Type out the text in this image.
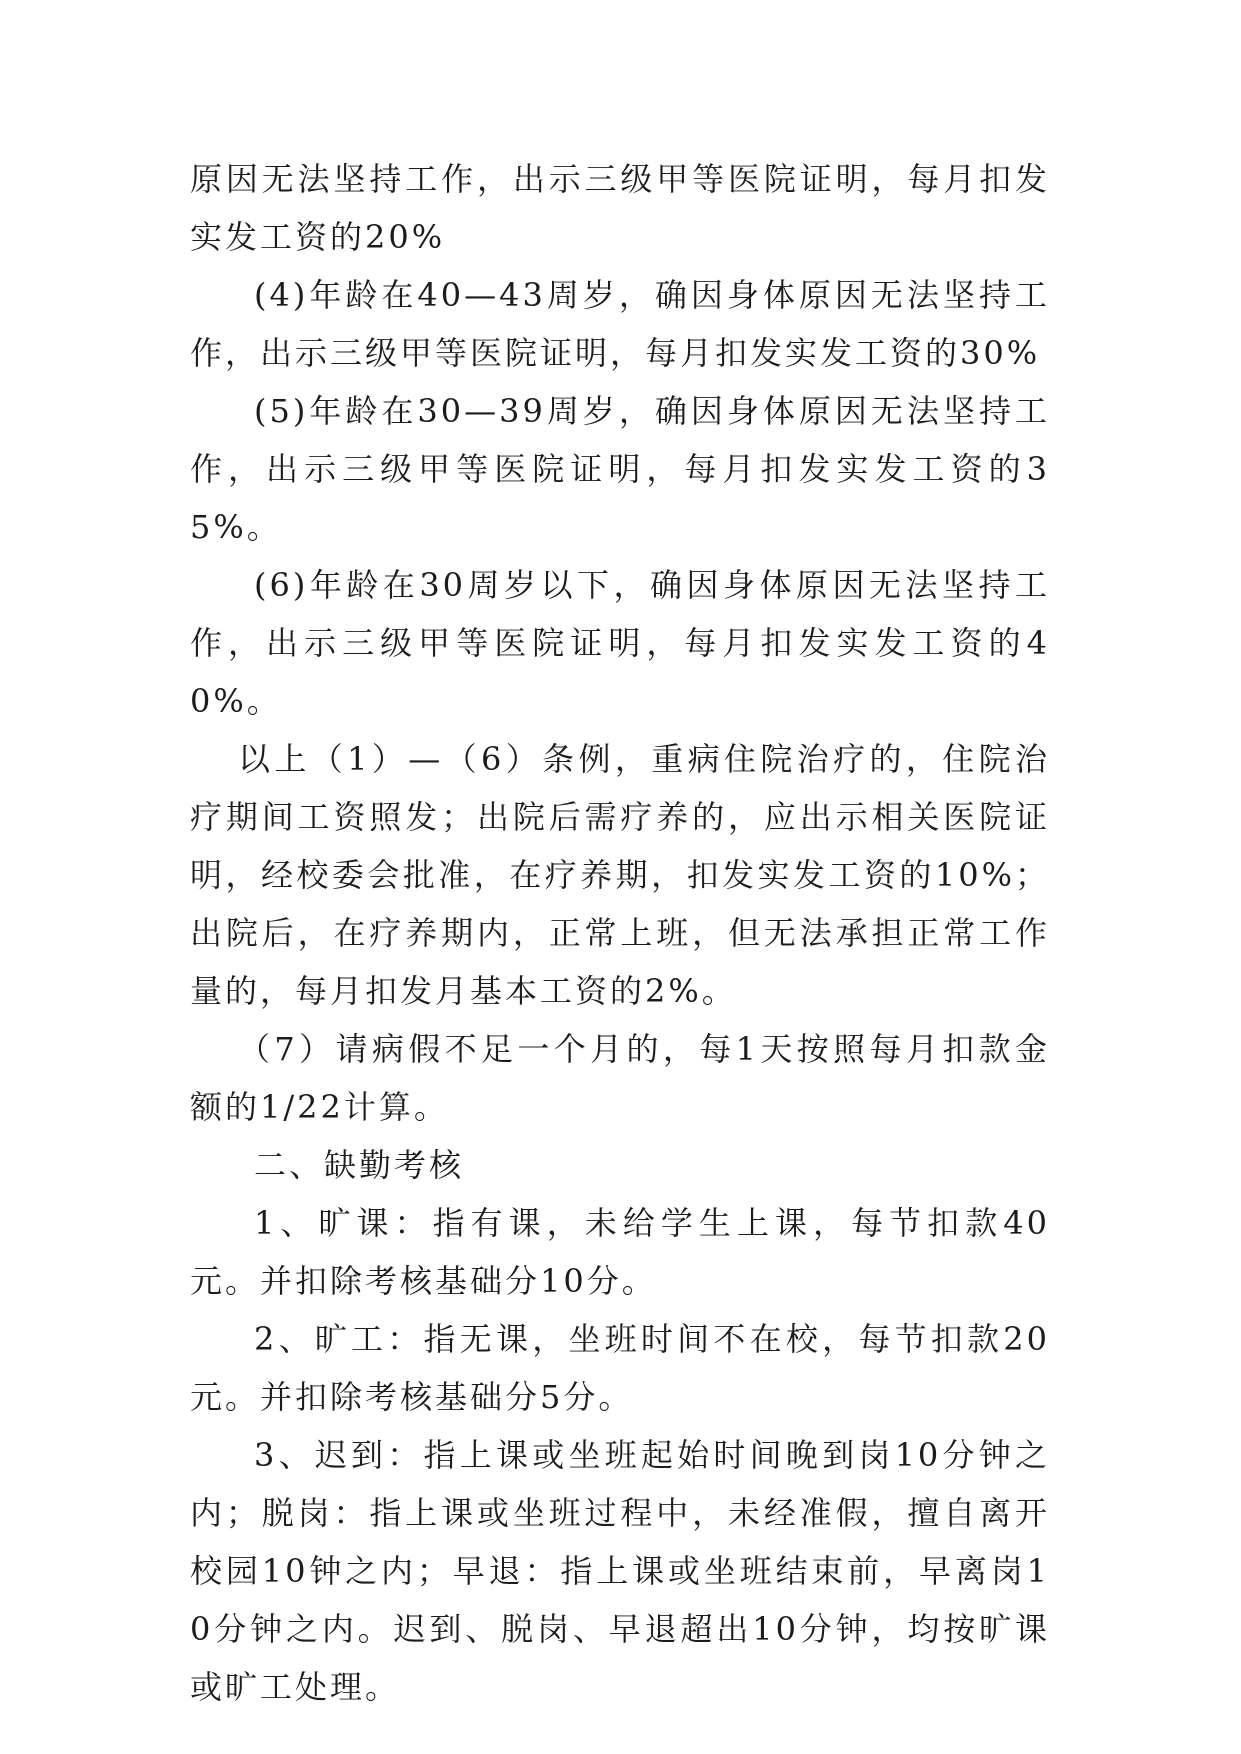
原因无法坚持工作，出示三级甲等医院证明，每月扣发实发工资的20%

(4)年龄在40—43周岁，确因身体原因无法坚持工作，出示三级甲等医院证明，每月扣发实发工资的30%

(5)年龄在30—39周岁，确因身体原因无法坚持工作，出示三级甲等医院证明，每月扣发实发工资的35%。

(6)年龄在30周岁以下，确因身体原因无法坚持工作，出示三级甲等医院证明，每月扣发实发工资的40%。

以上（1）—（6）条例，重病住院治疗的，住院治疗期间工资照发；出院后需疗养的，应出示相关医院证明，经校委会批准，在疗养期，扣发实发工资的10%；出院后，在疗养期内，正常上班，但无法承担正常工作量的，每月扣发月基本工资的2%。

（7）请病假不足一个月的，每1天按照每月扣款金额的1/22计算。

二、缺勤考核

1、旷课：指有课，未给学生上课，每节扣款40元。并扣除考核基础分10分。

2、旷工：指无课，坐班时间不在校，每节扣款20元。并扣除考核基础分5分。

3、迟到：指上课或坐班起始时间晚到岗10分钟之内；脱岗：指上课或坐班过程中，未经准假，擅自离开校园10钟之内；早退：指上课或坐班结束前，早离岗10分钟之内。迟到、脱岗、早退超出10分钟，均按旷课或旷工处理。
